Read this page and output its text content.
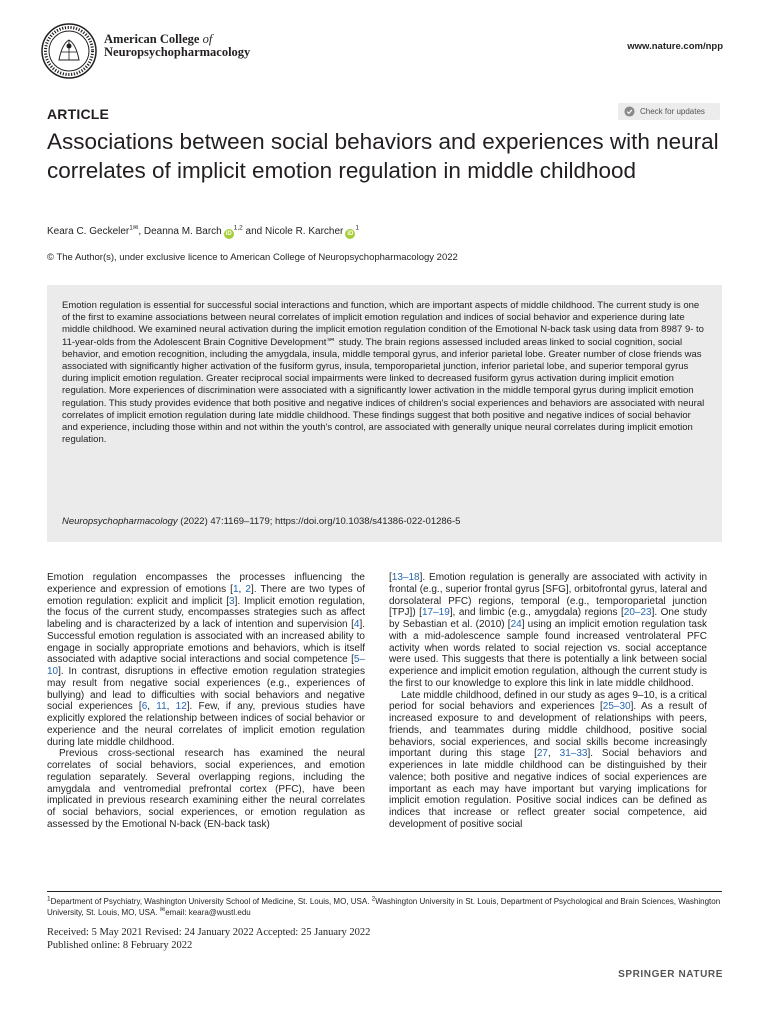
American College of
Neuropsychopharmacology	www.nature.com/npp
ARTICLE	Check for updates
Associations between social behaviors and experiences with neural correlates of implicit emotion regulation in middle childhood
Keara C. Geckeler$^{1✉}$, Deanna M. Barch iD$^{1,2}$ and Nicole R. Karcher $iD^1$
© The Author(s), under exclusive licence to American College of Neuropsychopharmacology 2022

Emotion regulation is essential for successful social interactions and function, which are important aspects of middle childhood. The current study is one of the first to examine associations between neural correlates of implicit emotion regulation and indices of social behavior and experience during late middle childhood. We examined neural activation during the implicit emotion regulation condition of the Emotional N-back task using data from 8987 9- to 11-year-olds from the Adolescent Brain Cognitive Development℠ study. The brain regions assessed included areas linked to social cognition, social behavior, and emotion recognition, including the amygdala, insula, middle temporal gyrus, and inferior parietal lobe. Greater number of close friends was associated with significantly higher activation of the fusiform gyrus, insula, temporoparietal junction, inferior parietal lobe, and superior temporal gyrus during implicit emotion regulation. Greater reciprocal social impairments were linked to decreased fusiform gyrus activation during implicit emotion regulation. More experiences of discrimination were associated with a significantly lower activation in the middle temporal gyrus during implicit emotion regulation. This study provides evidence that both positive and negative indices of children's social experiences and behaviors are associated with neural correlates of implicit emotion regulation during late middle childhood. These findings suggest that both positive and negative indices of social behavior and experience, including those within and not within the youth's control, are associated with generally unique neural correlates during implicit emotion regulation.

Neuropsychopharmacology (2022) 47:1169–1179; https://doi.org/10.1038/s41386-022-01286-5

Emotion regulation encompasses the processes influencing the experience and expression of emotions [1, 2]. There are two types of emotion regulation: explicit and implicit [3]. Implicit emotion regulation, the focus of the current study, encompasses strategies such as affect labeling and is characterized by a lack of intention and supervision [4]. Successful emotion regulation is associated with an increased ability to engage in socially appropriate emotions and behaviors, which is itself associated with adaptive social interactions and social competence [5–10]. In contrast, disruptions in effective emotion regulation strategies may result from negative social experiences (e.g., experiences of bullying) and lead to difficulties with social behaviors and negative social experiences [6, 11, 12]. Few, if any, previous studies have explicitly explored the relationship between indices of social behavior or experience and the neural correlates of implicit emotion regulation during late middle childhood.

Previous cross-sectional research has examined the neural correlates of social behaviors, social experiences, and emotion regulation separately. Several overlapping regions, including the amygdala and ventromedial prefrontal cortex (PFC), have been implicated in previous research examining either the neural correlates of social behaviors, social experiences, or emotion regulation as assessed by the Emotional N-back (EN-back task)

[13–18]. Emotion regulation is generally are associated with activity in frontal (e.g., superior frontal gyrus [SFG], orbitofrontal gyrus, lateral and dorsolateral PFC) regions, temporal (e.g., temporoparietal junction [TPJ]) [17–19], and limbic (e.g., amygdala) regions [20–23]. One study by Sebastian et al. (2010) [24] using an implicit emotion regulation task with a mid-adolescence sample found increased ventrolateral PFC activity when words related to social rejection vs. social acceptance were used. This suggests that there is potentially a link between social experience and implicit emotion regulation, although the current study is the first to our knowledge to explore this link in late middle childhood.

Late middle childhood, defined in our study as ages 9–10, is a critical period for social behaviors and experiences [25–30]. As a result of increased exposure to and development of relationships with peers, friends, and teammates during middle childhood, positive social behaviors, social experiences, and social skills become increasingly important during this stage [27, 31–33]. Social behaviors and experiences in late middle childhood can be distinguished by their valence; both positive and negative indices of social experiences are important as each may have important but varying implications for implicit emotion regulation. Positive social indices can be defined as indices that increase or reflect greater social competence, aid development of positive social

$^1$Department of Psychiatry, Washington University School of Medicine, St. Louis, MO, USA. $^2$Washington University in St. Louis, Department of Psychological and Brain Sciences, Washington University, St. Louis, MO, USA. ✉email: keara@wustl.edu
Received: 5 May 2021 Revised: 24 January 2022 Accepted: 25 January 2022
Published online: 8 February 2022
SPRINGER NATURE
